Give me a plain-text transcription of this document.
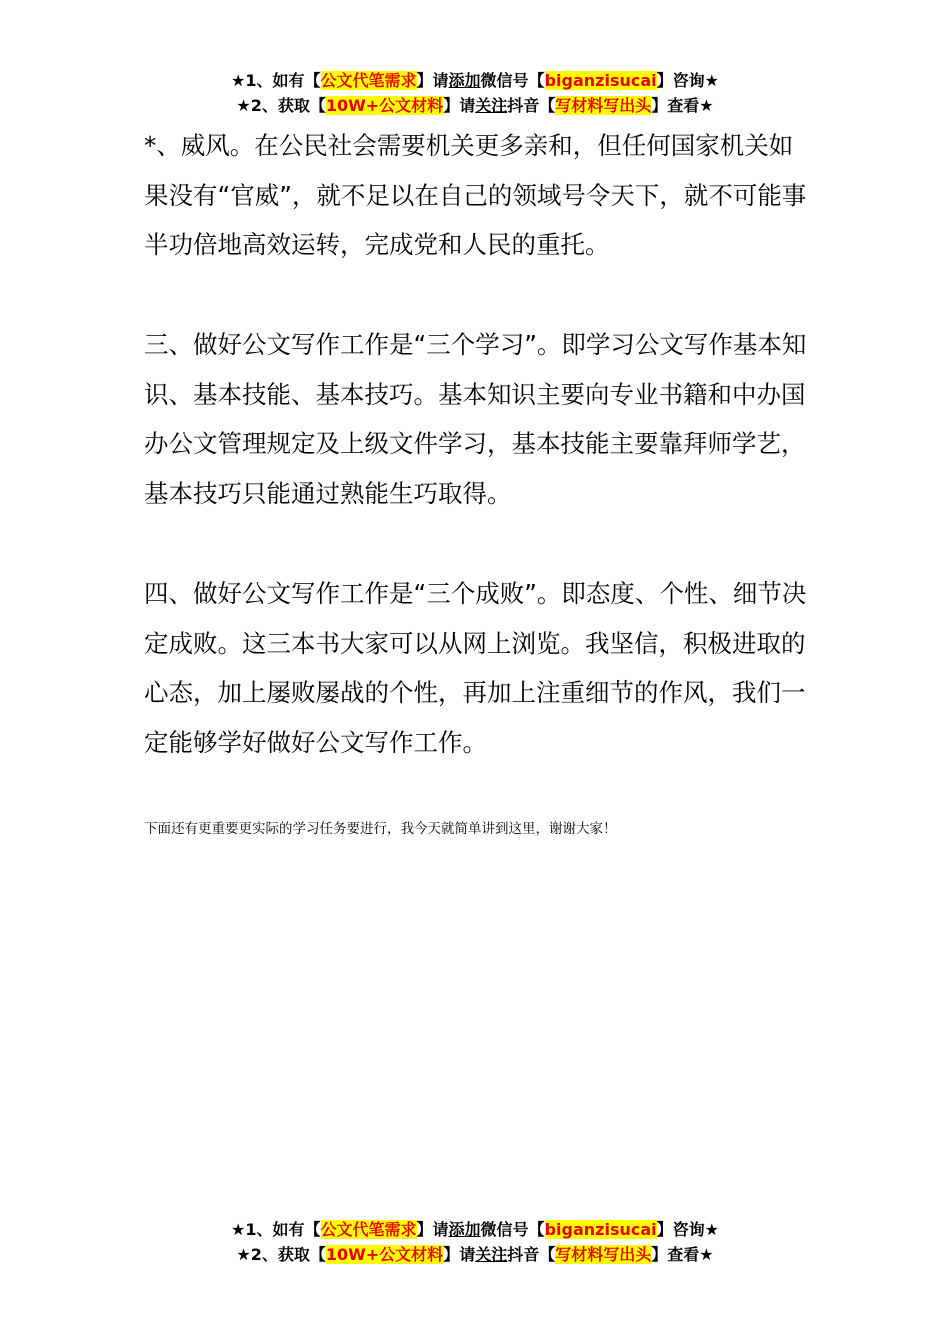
★1、如有【公文代笔需求】请添加微信号【biganzisucai】咨询★
★2、获取【10W+公文材料】请关注抖音【写材料写出头】查看★

*、威风。在公民社会需要机关更多亲和，但任何国家机关如果没有“官威”，就不足以在自己的领域号令天下，就不可能事半功倍地高效运转，完成党和人民的重托。

三、做好公文写作工作是“三个学习”。即学习公文写作基本知识、基本技能、基本技巧。基本知识主要向专业书籍和中办国办公文管理规定及上级文件学习，基本技能主要靠拜师学艺，基本技巧只能通过熟能生巧取得。

四、做好公文写作工作是“三个成败”。即态度、个性、细节决定成败。这三本书大家可以从网上浏览。我坚信，积极进取的心态，加上屡败屡战的个性，再加上注重细节的作风，我们一定能够学好做好公文写作工作。

下面还有更重要更实际的学习任务要进行，我今天就简单讲到这里，谢谢大家！
★1、如有【公文代笔需求】请添加微信号【biganzisucai】咨询★
★2、获取【10W+公文材料】请关注抖音【写材料写出头】查看★
